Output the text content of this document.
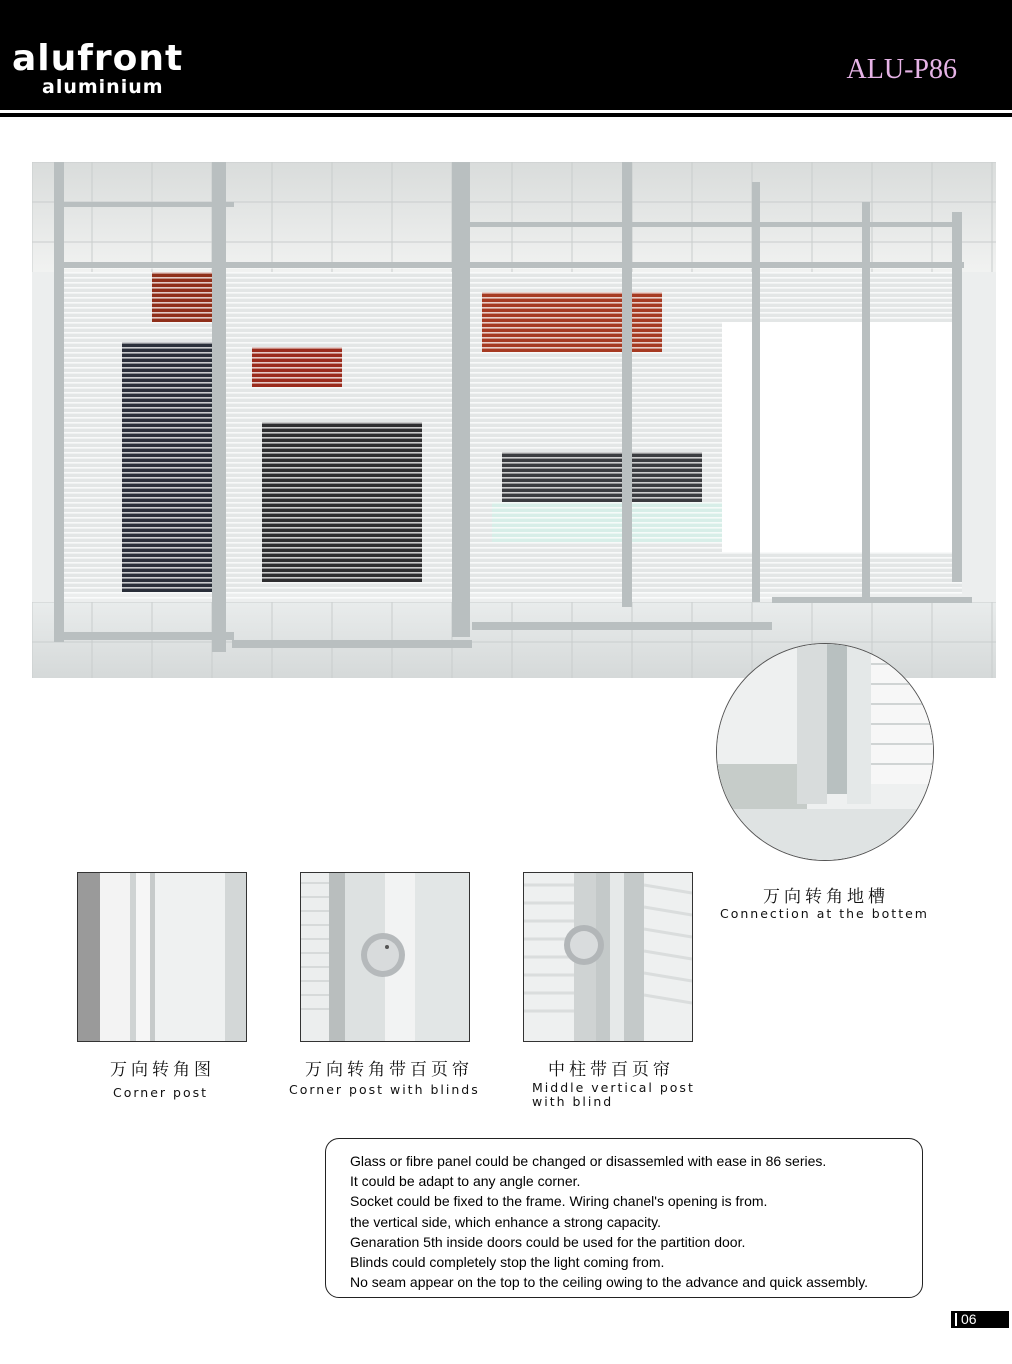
alufront
aluminium
ALU-P86
万向转角地槽
Connection at the bottem
万向转角图
Corner post
万向转角带百页帘
Corner post with blinds
中柱带百页帘
Middle vertical post
with blind
Glass or fibre panel could be changed or disassemled with ease in 86 series.
It could be adapt to any angle corner.
Socket could be fixed to the frame. Wiring chanel's opening is from.
the vertical side, which enhance a strong capacity.
Genaration 5th inside doors could be used for the partition door.
Blinds could completely stop the light coming from.
No seam appear on the top to the ceiling owing to the advance and quick assembly.
06
